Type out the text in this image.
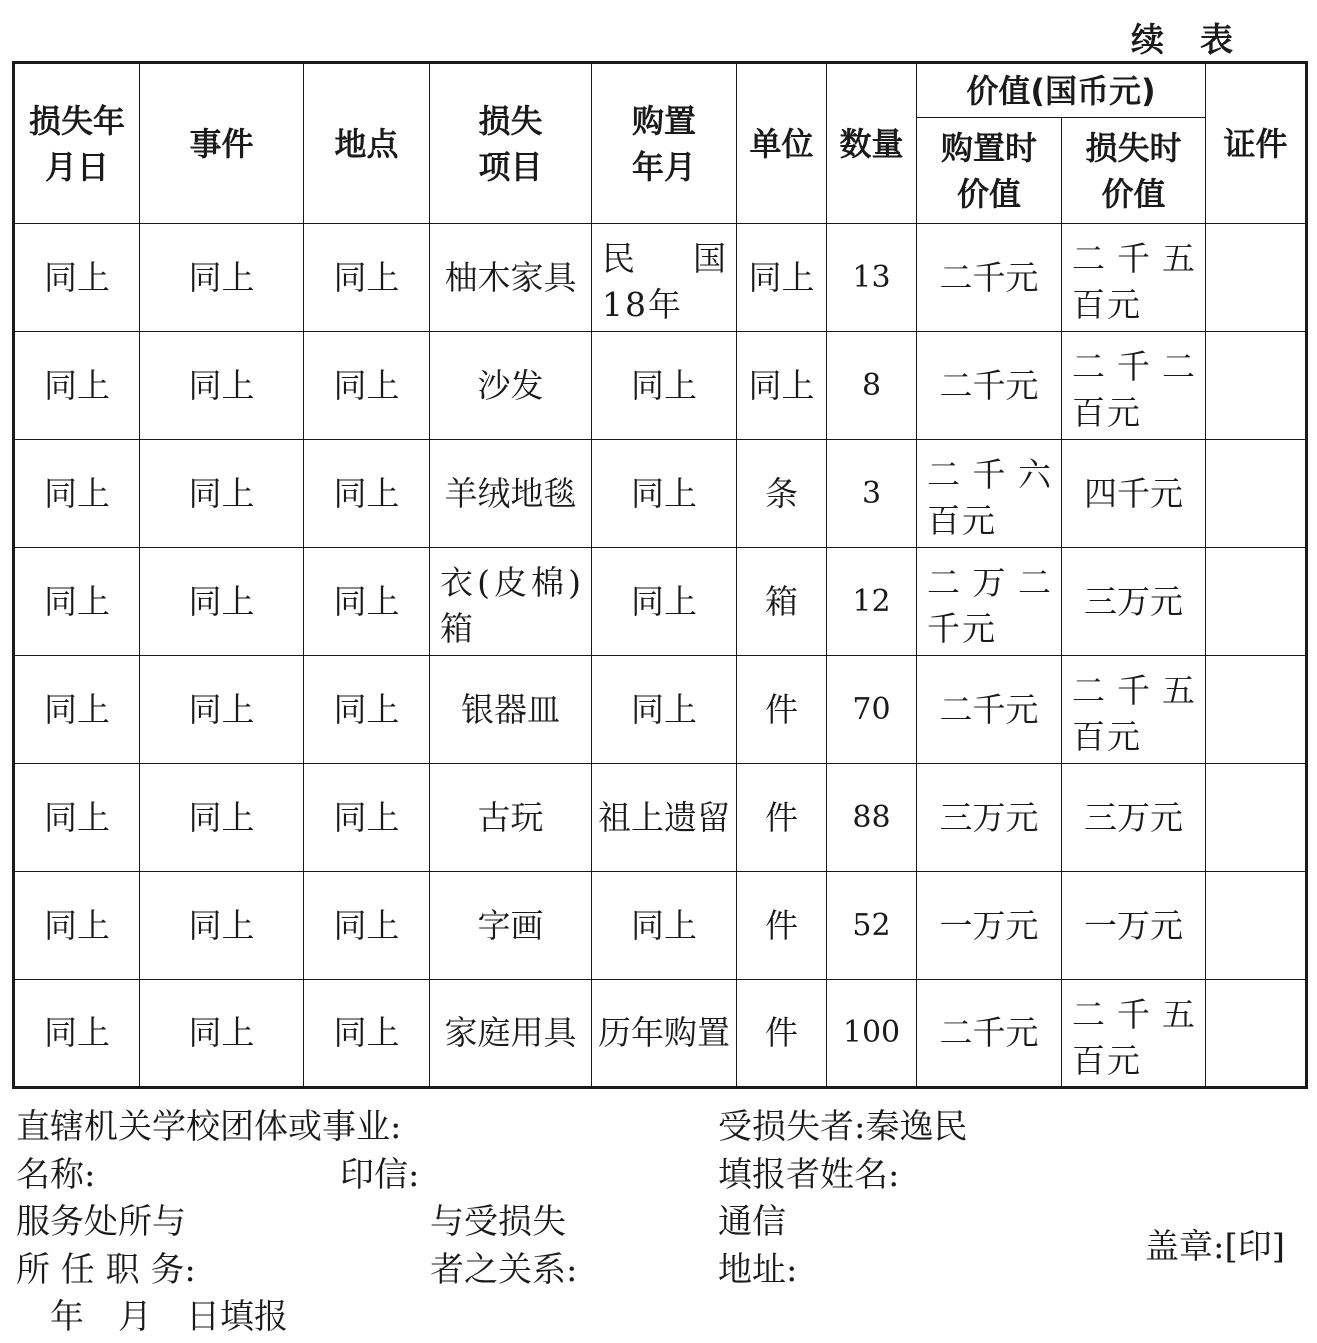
续表
损失年月日	事件	地点	损失项目	购置年月	单位	数量	价值(国币元)		证件
							购置时价值	损失时价值	
同上	同上	同上	柚木家具	民国 18年	同上	13	二千元	二千五百元	
同上	同上	同上	沙发	同上	同上	8	二千元	二千二百元	
同上	同上	同上	羊绒地毯	同上	条	3	二千六百元	四千元	
同上	同上	同上	衣(皮棉)箱	同上	箱	12	二万二千元	三万元	
同上	同上	同上	银器皿	同上	件	70	二千元	二千五百元	
同上	同上	同上	古玩	祖上遗留	件	88	三万元	三万元	
同上	同上	同上	字画	同上	件	52	一万元	一万元	
同上	同上	同上	家庭用具	历年购置	件	100	二千元	二千五百元	
直辖机关学校团体或事业:
名称:	印信:
服务处所与
所 任 职 务:
与受损失
者之关系:
受损失者:秦逸民
填报者姓名:
通信
地址:
盖章:[印]
年　月　日填报
